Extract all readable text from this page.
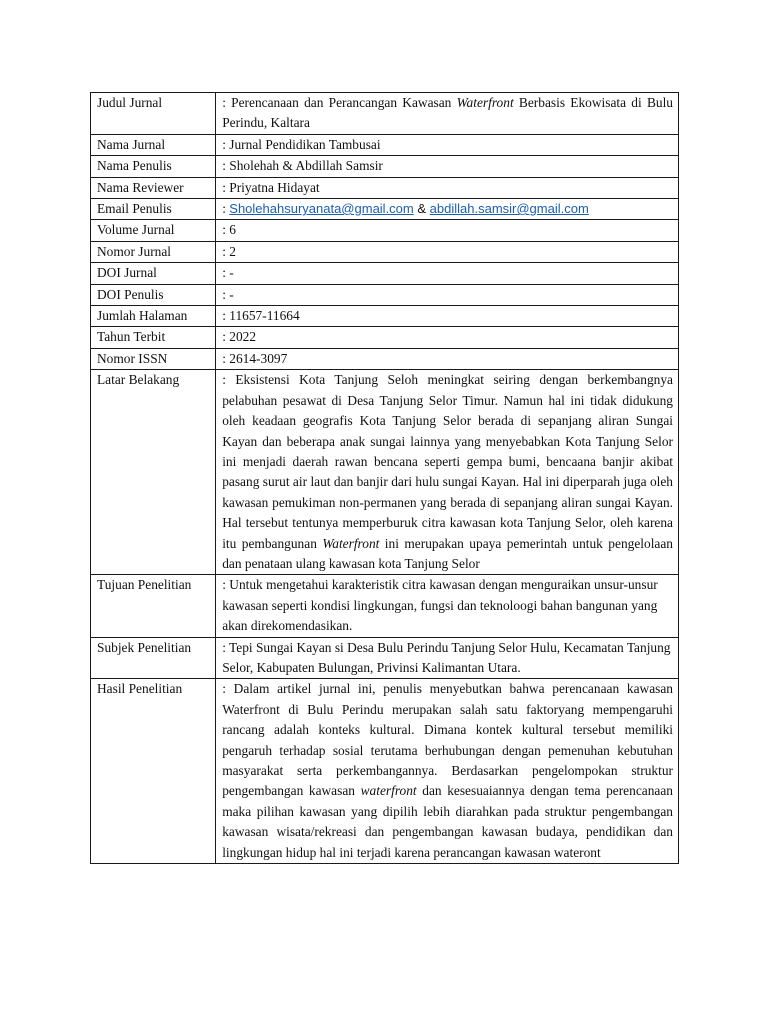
Judul Jurnal	: Perencanaan dan Perancangan Kawasan Waterfront Berbasis Ekowisata di Bulu Perindu, Kaltara
Nama Jurnal	: Jurnal Pendidikan Tambusai
Nama Penulis	: Sholehah & Abdillah Samsir
Nama Reviewer	: Priyatna Hidayat
Email Penulis	: Sholehahsuryanata@gmail.com & abdillah.samsir@gmail.com
Volume Jurnal	: 6
Nomor Jurnal	: 2
DOI Jurnal	: -
DOI Penulis	: -
Jumlah Halaman	: 11657-11664
Tahun Terbit	: 2022
Nomor ISSN	: 2614-3097
Latar Belakang	: Eksistensi Kota Tanjung Seloh meningkat seiring dengan berkembangnya pelabuhan pesawat di Desa Tanjung Selor Timur. Namun hal ini tidak didukung oleh keadaan geografis Kota Tanjung Selor berada di sepanjang aliran Sungai Kayan dan beberapa anak sungai lainnya yang menyebabkan Kota Tanjung Selor ini menjadi daerah rawan bencana seperti gempa bumi, bencaana banjir akibat pasang surut air laut dan banjir dari hulu sungai Kayan. Hal ini diperparah juga oleh kawasan pemukiman non-permanen yang berada di sepanjang aliran sungai Kayan. Hal tersebut tentunya memperburuk citra kawasan kota Tanjung Selor, oleh karena itu pembangunan Waterfront ini merupakan upaya pemerintah untuk pengelolaan dan penataan ulang kawasan kota Tanjung Selor
Tujuan Penelitian	: Untuk mengetahui karakteristik citra kawasan dengan menguraikan unsur-unsur kawasan seperti kondisi lingkungan, fungsi dan teknoloogi bahan bangunan yang akan direkomendasikan.
Subjek Penelitian	: Tepi Sungai Kayan si Desa Bulu Perindu Tanjung Selor Hulu, Kecamatan Tanjung Selor, Kabupaten Bulungan, Privinsi Kalimantan Utara.
Hasil Penelitian	: Dalam artikel jurnal ini, penulis menyebutkan bahwa perencanaan kawasan Waterfront di Bulu Perindu merupakan salah satu faktoryang mempengaruhi rancang adalah konteks kultural. Dimana kontek kultural tersebut memiliki pengaruh terhadap sosial terutama berhubungan dengan pemenuhan kebutuhan masyarakat serta perkembangannya. Berdasarkan pengelompokan struktur pengembangan kawasan waterfront dan kesesuaiannya dengan tema perencanaan maka pilihan kawasan yang dipilih lebih diarahkan pada struktur pengembangan kawasan wisata/rekreasi dan pengembangan kawasan budaya, pendidikan dan lingkungan hidup hal ini terjadi karena perancangan kawasan wateront
